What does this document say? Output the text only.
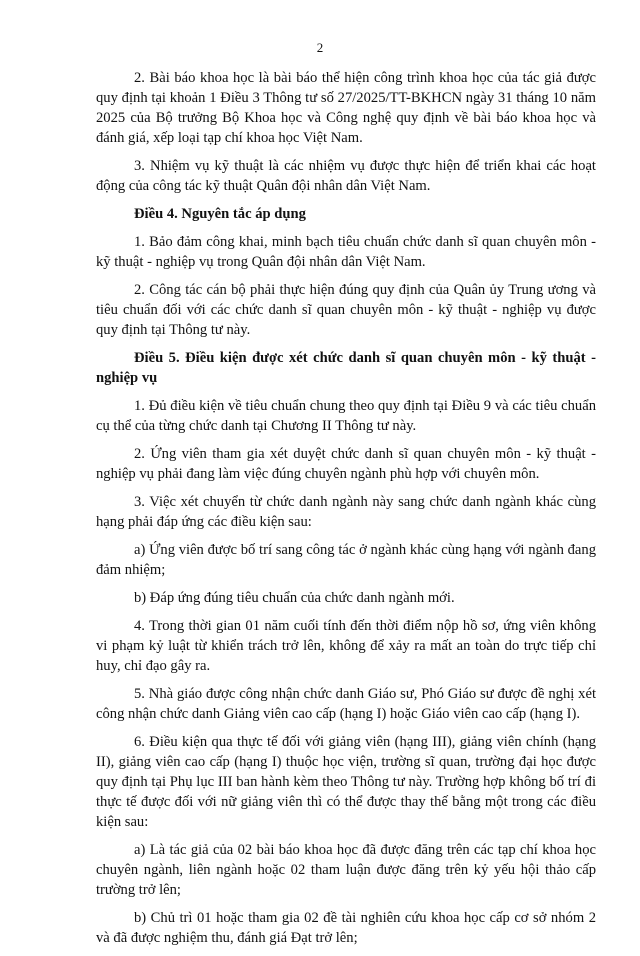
2
2. Bài báo khoa học là bài báo thể hiện công trình khoa học của tác giả được quy định tại khoản 1 Điều 3 Thông tư số 27/2025/TT-BKHCN ngày 31 tháng 10 năm 2025 của Bộ trưởng Bộ Khoa học và Công nghệ quy định về bài báo khoa học và đánh giá, xếp loại tạp chí khoa học Việt Nam.
3. Nhiệm vụ kỹ thuật là các nhiệm vụ được thực hiện để triển khai các hoạt động của công tác kỹ thuật Quân đội nhân dân Việt Nam.
Điều 4. Nguyên tắc áp dụng
1. Bảo đảm công khai, minh bạch tiêu chuẩn chức danh sĩ quan chuyên môn - kỹ thuật - nghiệp vụ trong Quân đội nhân dân Việt Nam.
2. Công tác cán bộ phải thực hiện đúng quy định của Quân ủy Trung ương và tiêu chuẩn đối với các chức danh sĩ quan chuyên môn - kỹ thuật - nghiệp vụ được quy định tại Thông tư này.
Điều 5. Điều kiện được xét chức danh sĩ quan chuyên môn - kỹ thuật - nghiệp vụ
1. Đủ điều kiện về tiêu chuẩn chung theo quy định tại Điều 9 và các tiêu chuẩn cụ thể của từng chức danh tại Chương II Thông tư này.
2. Ứng viên tham gia xét duyệt chức danh sĩ quan chuyên môn - kỹ thuật - nghiệp vụ phải đang làm việc đúng chuyên ngành phù hợp với chuyên môn.
3. Việc xét chuyển từ chức danh ngành này sang chức danh ngành khác cùng hạng phải đáp ứng các điều kiện sau:
a) Ứng viên được bố trí sang công tác ở ngành khác cùng hạng với ngành đang đảm nhiệm;
b) Đáp ứng đúng tiêu chuẩn của chức danh ngành mới.
4. Trong thời gian 01 năm cuối tính đến thời điểm nộp hồ sơ, ứng viên không vi phạm kỷ luật từ khiển trách trở lên, không để xảy ra mất an toàn do trực tiếp chỉ huy, chỉ đạo gây ra.
5. Nhà giáo được công nhận chức danh Giáo sư, Phó Giáo sư được đề nghị xét công nhận chức danh Giảng viên cao cấp (hạng I) hoặc Giáo viên cao cấp (hạng I).
6. Điều kiện qua thực tế đối với giảng viên (hạng III), giảng viên chính (hạng II), giảng viên cao cấp (hạng I) thuộc học viện, trường sĩ quan, trường đại học được quy định tại Phụ lục III ban hành kèm theo Thông tư này. Trường hợp không bố trí đi thực tế được đối với nữ giảng viên thì có thể được thay thế bằng một trong các điều kiện sau:
a) Là tác giả của 02 bài báo khoa học đã được đăng trên các tạp chí khoa học chuyên ngành, liên ngành hoặc 02 tham luận được đăng trên kỷ yếu hội thảo cấp trường trở lên;
b) Chủ trì 01 hoặc tham gia 02 đề tài nghiên cứu khoa học cấp cơ sở nhóm 2 và đã được nghiệm thu, đánh giá Đạt trở lên;
